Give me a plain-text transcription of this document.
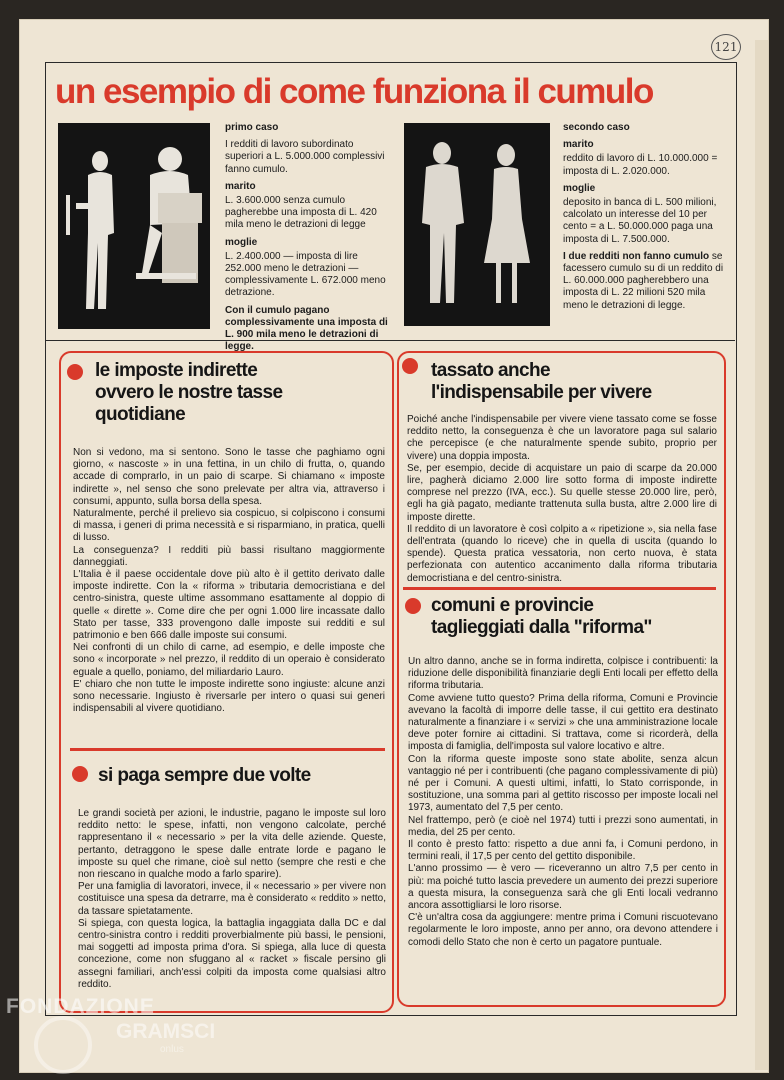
121
un esempio di come funziona il cumulo

primo caso

I redditi di lavoro subordinato superiori a L. 5.000.000 complessivi fanno cumulo.

marito

L. 3.600.000 senza cumulo pagherebbe una imposta di L. 420 mila meno le detrazioni di legge

moglie

L. 2.400.000 — imposta di lire 252.000 meno le detrazioni — complessivamente L. 672.000 meno detrazione.

Con il cumulo pagano complessivamente una imposta di L. 900 mila meno le detrazioni di legge.

secondo caso

marito

reddito di lavoro di L. 10.000.000 = imposta di L. 2.020.000.

moglie

deposito in banca di L. 500 milioni, calcolato un interesse del 10 per cento = a L. 50.000.000 paga una imposta di L. 7.500.000.

I due redditi non fanno cumulo se facessero cumulo su di un reddito di L. 60.000.000 pagherebbero una imposta di L. 22 milioni 520 mila meno le detrazioni di legge.

le imposte indirette
ovvero le nostre tasse
quotidiane

Non si vedono, ma si sentono. Sono le tasse che paghiamo ogni giorno, « nascoste » in una fettina, in un chilo di frutta, o, quando accade di comprarlo, in un paio di scarpe. Si chiamano « imposte indirette », nel senso che sono prelevate per altra via, attraverso i consumi, appunto, sulla borsa della spesa.

Naturalmente, perché il prelievo sia cospicuo, si colpiscono i consumi di massa, i generi di prima necessità e si risparmiano, in pratica, quelli di lusso.

La conseguenza? I redditi più bassi risultano maggiormente danneggiati.

L'Italia è il paese occidentale dove più alto è il gettito derivato dalle imposte indirette. Con la « riforma » tributaria democristiana e del centro-sinistra, queste ultime assommano esattamente al doppio di quelle « dirette ». Come dire che per ogni 1.000 lire incassate dallo Stato per tasse, 333 provengono dalle imposte sui redditi e sul patrimonio e ben 666 dalle imposte sui consumi.

Nei confronti di un chilo di carne, ad esempio, e delle imposte che sono « incorporate » nel prezzo, il reddito di un operaio è considerato eguale a quello, poniamo, del miliardario Lauro.

E' chiaro che non tutte le imposte indirette sono ingiuste: alcune anzi sono necessarie. Ingiusto è riversarle per intero o quasi sui generi indispensabili al vivere quotidiano.

si paga sempre due volte

Le grandi società per azioni, le industrie, pagano le imposte sul loro reddito netto: le spese, infatti, non vengono calcolate, perché rappresentano il « necessario » per la vita delle aziende. Queste, pertanto, detraggono le spese dalle entrate lorde e pagano le imposte su quel che rimane, cioè sul netto (sempre che resti e che non riescano in qualche modo a farlo sparire).

Per una famiglia di lavoratori, invece, il « necessario » per vivere non costituisce una spesa da detrarre, ma è considerato « reddito » netto, da tassare spietatamente.

Si spiega, con questa logica, la battaglia ingaggiata dalla DC e dal centro-sinistra contro i redditi proverbialmente più bassi, le pensioni, mai soggetti ad imposta prima d'ora. Si spiega, alla luce di questa concezione, come non sfuggano al « racket » fiscale persino gli assegni familiari, anch'essi colpiti da imposta come qualsiasi altro reddito.

tassato anche
l'indispensabile per vivere

Poiché anche l'indispensabile per vivere viene tassato come se fosse reddito netto, la conseguenza è che un lavoratore paga sul salario che percepisce (e che naturalmente spende subito, proprio per vivere) una doppia imposta.

Se, per esempio, decide di acquistare un paio di scarpe da 20.000 lire, pagherà diciamo 2.000 lire sotto forma di imposte indirette comprese nel prezzo (IVA, ecc.). Su quelle stesse 20.000 lire, però, egli ha già pagato, mediante trattenuta sulla busta, altre 2.000 lire di imposte dirette.

Il reddito di un lavoratore è così colpito a « ripetizione », sia nella fase dell'entrata (quando lo riceve) che in quella di uscita (quando lo spende). Questa pratica vessatoria, non certo nuova, è stata perfezionata con autentico accanimento dalla riforma tributaria democristiana e del centro-sinistra.

comuni e provincie
taglieggiati dalla "riforma"

Un altro danno, anche se in forma indiretta, colpisce i contribuenti: la riduzione delle disponibilità finanziarie degli Enti locali per effetto della riforma tributaria.

Come avviene tutto questo? Prima della riforma, Comuni e Provincie avevano la facoltà di imporre delle tasse, il cui gettito era destinato naturalmente a finanziare i « servizi » che una amministrazione locale deve poter fornire ai cittadini. Si trattava, come si ricorderà, della imposta di famiglia, dell'imposta sul valore locativo e altre.

Con la riforma queste imposte sono state abolite, senza alcun vantaggio né per i contribuenti (che pagano complessivamente di più) né per i Comuni. A questi ultimi, infatti, lo Stato corrisponde, in sostituzione, una somma pari al gettito riscosso per imposte locali nel 1973, aumentato del 7,5 per cento.

Nel frattempo, però (e cioè nel 1974) tutti i prezzi sono aumentati, in media, del 25 per cento.

Il conto è presto fatto: rispetto a due anni fa, i Comuni perdono, in termini reali, il 17,5 per cento del gettito disponibile.

L'anno prossimo — è vero — riceveranno un altro 7,5 per cento in più: ma poiché tutto lascia prevedere un aumento dei prezzi superiore a questa misura, la conseguenza sarà che gli Enti locali vedranno ancora assottigliarsi le loro risorse.

C'è un'altra cosa da aggiungere: mentre prima i Comuni riscuotevano regolarmente le loro imposte, anno per anno, ora devono attendere i comodi dello Stato che non è certo un pagatore puntuale.

FONDAZIONE
GRAMSCI
onlus
